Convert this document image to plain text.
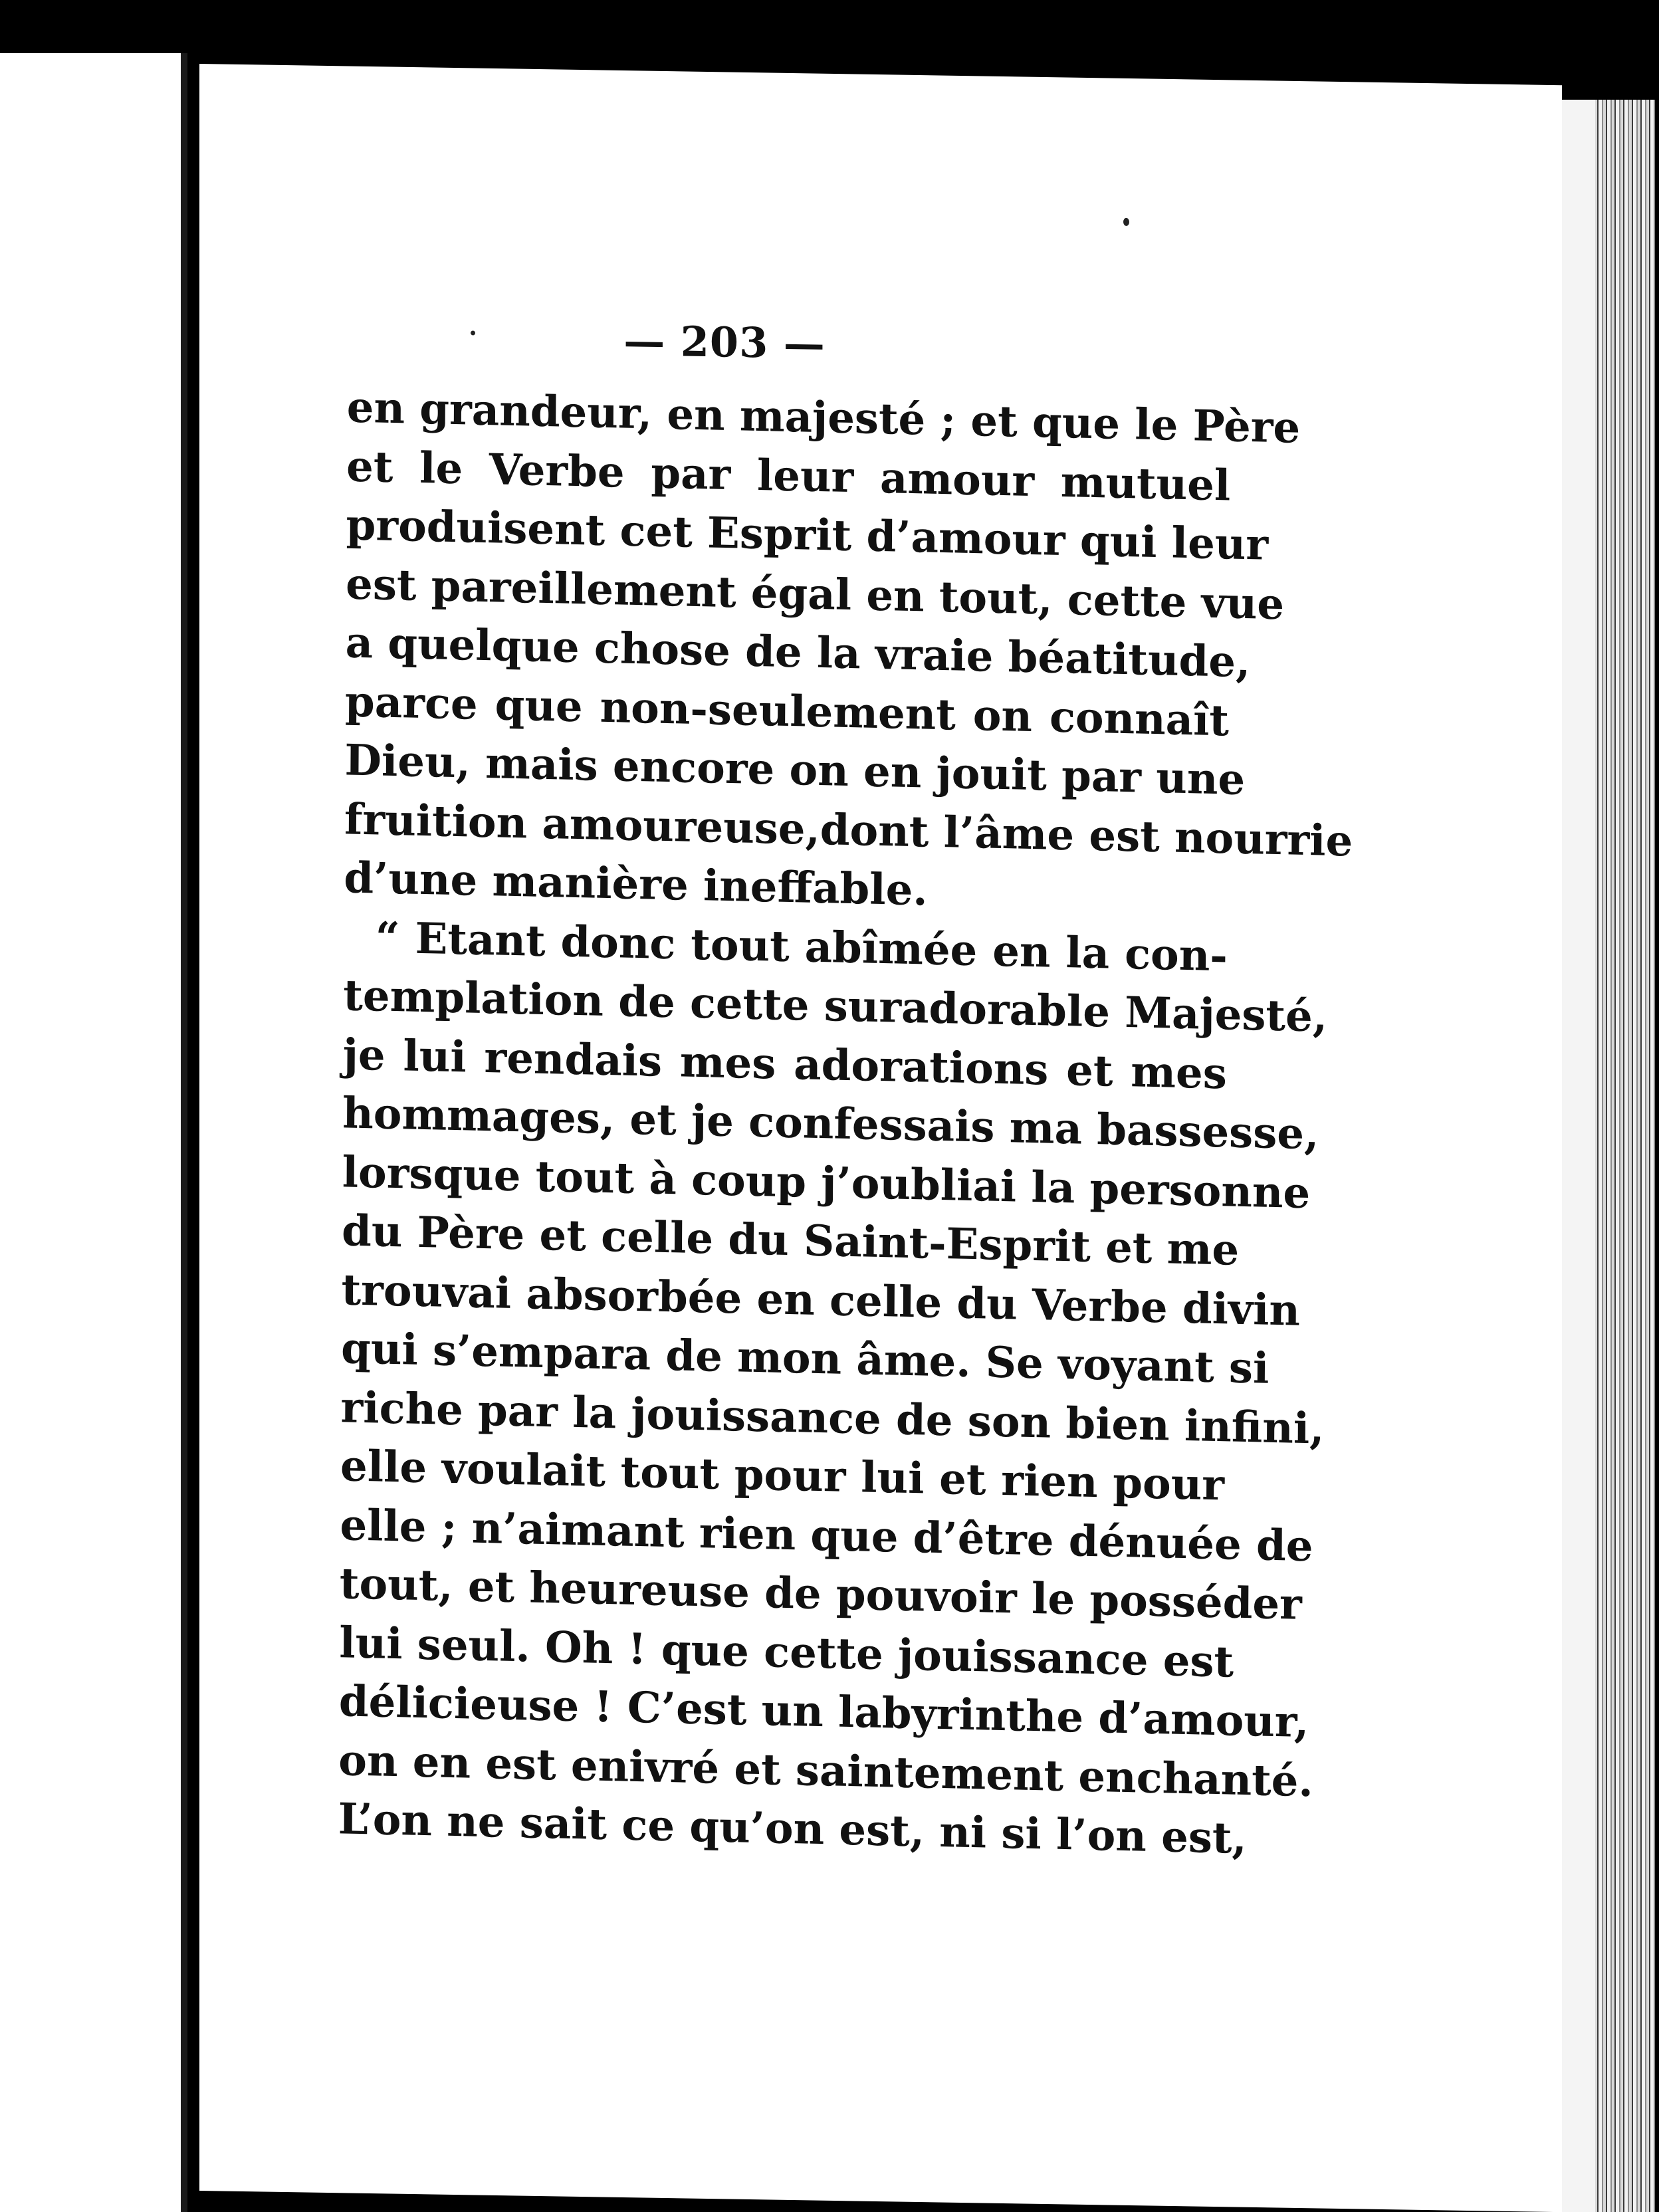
— 203 —
en grandeur, en majesté ; et que le Père
et le Verbe par leur amour mutuel
produisent cet Esprit d’amour qui leur
est pareillement égal en tout, cette vue
a quelque chose de la vraie béatitude,
parce que non-seulement on connaît
Dieu, mais encore on en jouit par une
fruition amoureuse,dont l’âme est nourrie
d’une manière ineffable.
“ Etant donc tout abîmée en la con-
templation de cette suradorable Majesté,
je lui rendais mes adorations et mes
hommages, et je confessais ma bassesse,
lorsque tout à coup j’oubliai la personne
du Père et celle du Saint-Esprit et me
trouvai absorbée en celle du Verbe divin
qui s’empara de mon âme. Se voyant si
riche par la jouissance de son bien infini,
elle voulait tout pour lui et rien pour
elle ; n’aimant rien que d’être dénuée de
tout, et heureuse de pouvoir le posséder
lui seul. Oh ! que cette jouissance est
délicieuse ! C’est un labyrinthe d’amour,
on en est enivré et saintement enchanté.
L’on ne sait ce qu’on est, ni si l’on est,
